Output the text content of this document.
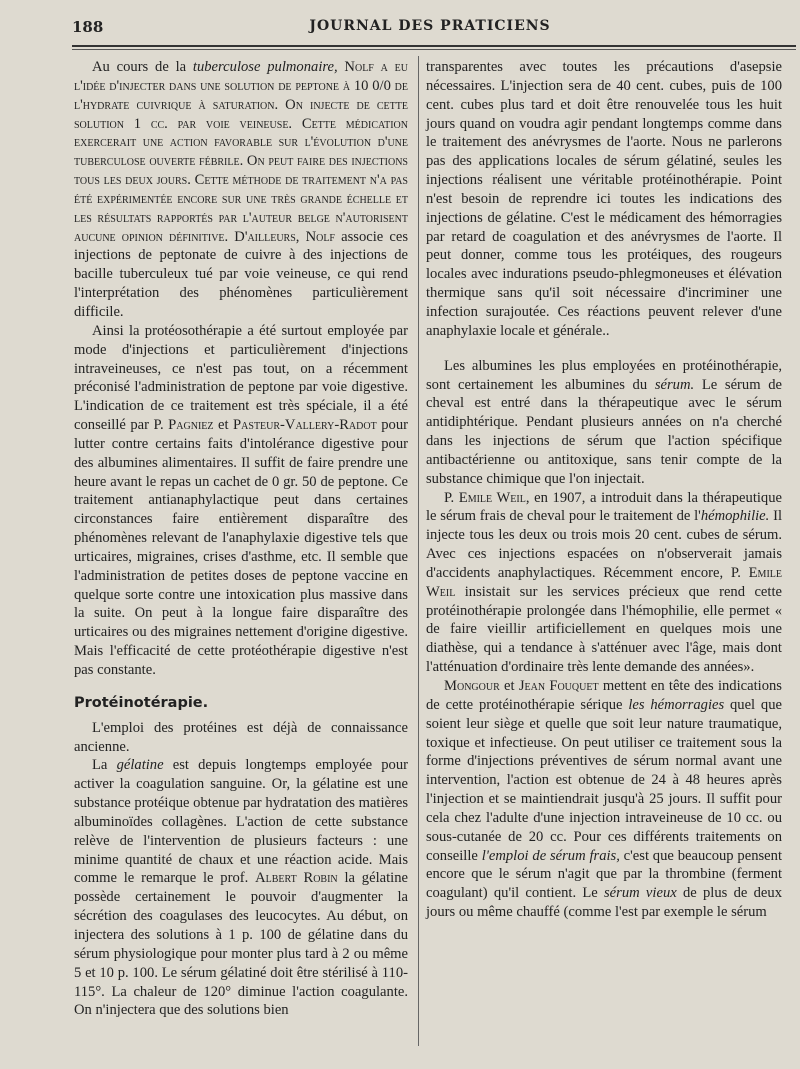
188	JOURNAL DES PRATICIENS

Au cours de la tuberculose pulmonaire, Nolf a eu l'idée d'injecter dans une solution de peptone à 10 0/0 de l'hydrate cuivrique à saturation. On injecte de cette solution 1 cc. par voie veineuse. Cette médication exercerait une action favorable sur l'évolution d'une tuberculose ouverte fébrile. On peut faire des injections tous les deux jours. Cette méthode de traitement n'a pas été expérimentée encore sur une très grande échelle et les résultats rapportés par l'auteur belge n'autorisent aucune opinion définitive. D'ailleurs, Nolf associe ces injections de peptonate de cuivre à des injections de bacille tuberculeux tué par voie veineuse, ce qui rend l'interprétation des phénomènes particulièrement difficile.

Ainsi la protéosothérapie a été surtout employée par mode d'injections et particulièrement d'injections intraveineuses, ce n'est pas tout, on a récemment préconisé l'administration de peptone par voie digestive. L'indication de ce traitement est très spéciale, il a été conseillé par P. Pagniez et Pasteur-Vallery-Radot pour lutter contre certains faits d'intolérance digestive pour des albumines alimentaires. Il suffit de faire prendre une heure avant le repas un cachet de 0 gr. 50 de peptone. Ce traitement antianaphylactique peut dans certaines circonstances faire entièrement disparaître des phénomènes relevant de l'anaphylaxie digestive tels que urticaires, migraines, crises d'asthme, etc. Il semble que l'administration de petites doses de peptone vaccine en quelque sorte contre une intoxication plus massive dans la suite. On peut à la longue faire disparaître des urticaires ou des migraines nettement d'origine digestive. Mais l'efficacité de cette protéothérapie digestive n'est pas constante.

Protéinotérapie.

L'emploi des protéines est déjà de connaissance ancienne.

La gélatine est depuis longtemps employée pour activer la coagulation sanguine. Or, la gélatine est une substance protéique obtenue par hydratation des matières albuminoïdes collagènes. L'action de cette substance relève de l'intervention de plusieurs facteurs : une minime quantité de chaux et une réaction acide. Mais comme le remarque le prof. Albert Robin la gélatine possède certainement le pouvoir d'augmenter la sécrétion des coagulases des leucocytes. Au début, on injectera des solutions à 1 p. 100 de gélatine dans du sérum physiologique pour monter plus tard à 2 ou même 5 et 10 p. 100. Le sérum gélatiné doit être stérilisé à 110-115°. La chaleur de 120° diminue l'action coagulante. On n'injectera que des solutions bien

transparentes avec toutes les précautions d'asepsie nécessaires. L'injection sera de 40 cent. cubes, puis de 100 cent. cubes plus tard et doit être renouvelée tous les huit jours quand on voudra agir pendant longtemps comme dans le traitement des anévrysmes de l'aorte. Nous ne parlerons pas des applications locales de sérum gélatiné, seules les injections réalisent une véritable protéinothérapie. Point n'est besoin de reprendre ici toutes les indications des injections de gélatine. C'est le médicament des hémorragies par retard de coagulation et des anévrysmes de l'aorte. Il peut donner, comme tous les protéiques, des rougeurs locales avec indurations pseudo-phlegmoneuses et élévation thermique sans qu'il soit nécessaire d'incriminer une infection surajoutée. Ces réactions peuvent relever d'une anaphylaxie locale et générale..

Les albumines les plus employées en protéinothérapie, sont certainement les albumines du sérum. Le sérum de cheval est entré dans la thérapeutique avec le sérum antidiphtérique. Pendant plusieurs années on n'a cherché dans les injections de sérum que l'action spécifique antibactérienne ou antitoxique, sans tenir compte de la substance chimique que l'on injectait.

P. Emile Weil, en 1907, a introduit dans la thérapeutique le sérum frais de cheval pour le traitement de l'hémophilie. Il injecte tous les deux ou trois mois 20 cent. cubes de sérum. Avec ces injections espacées on n'observerait jamais d'accidents anaphylactiques. Récemment encore, P. Emile Weil insistait sur les services précieux que rend cette protéinothérapie prolongée dans l'hémophilie, elle permet « de faire vieillir artificiellement en quelques mois une diathèse, qui a tendance à s'atténuer avec l'âge, mais dont l'atténuation d'ordinaire très lente demande des années».

Mongour et Jean Fouquet mettent en tête des indications de cette protéinothérapie sérique les hémorragies quel que soient leur siège et quelle que soit leur nature traumatique, toxique et infectieuse. On peut utiliser ce traitement sous la forme d'injections préventives de sérum normal avant une intervention, l'action est obtenue de 24 à 48 heures après l'injection et se maintiendrait jusqu'à 25 jours. Il suffit pour cela chez l'adulte d'une injection intraveineuse de 10 cc. ou sous-cutanée de 20 cc. Pour ces différents traitements on conseille l'emploi de sérum frais, c'est que beaucoup pensent encore que le sérum n'agit que par la thrombine (ferment coagulant) qu'il contient. Le sérum vieux de plus de deux jours ou même chauffé (comme l'est par exemple le sérum
